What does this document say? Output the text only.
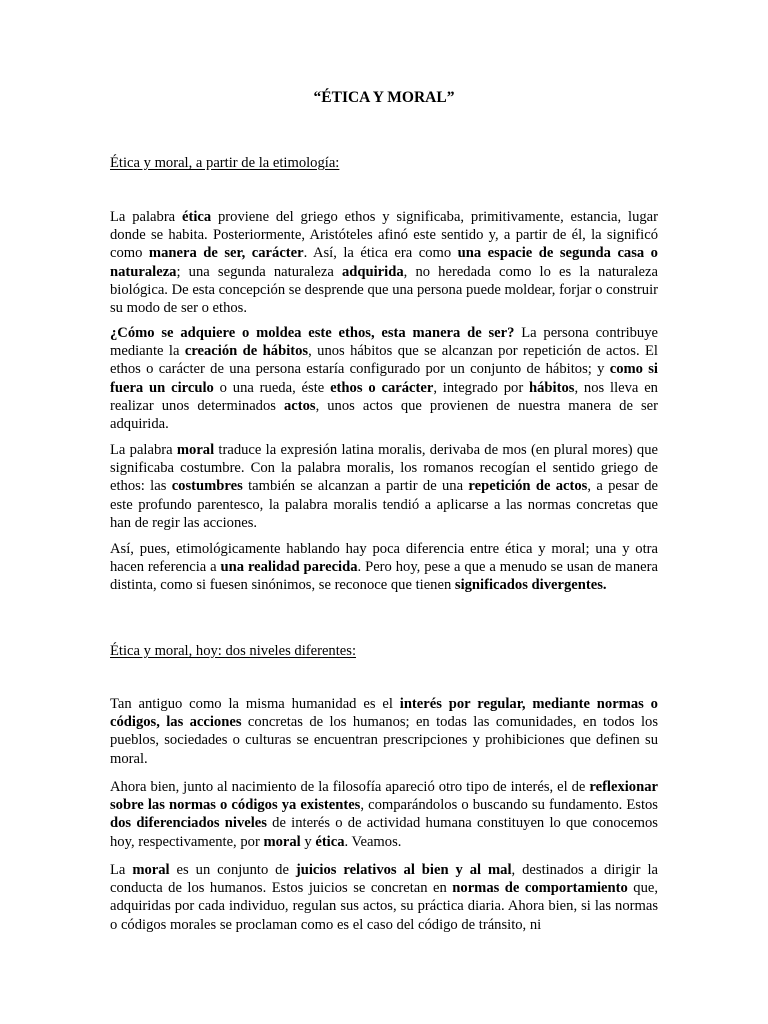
“ÉTICA Y MORAL”
Ética y moral, a partir de la etimología:

La palabra ética proviene del griego ethos y significaba, primitivamente, estancia, lugar donde se habita. Posteriormente, Aristóteles afinó este sentido y, a partir de él, la significó como manera de ser, carácter. Así, la ética era como una espacie de segunda casa o naturaleza; una segunda naturaleza adquirida, no heredada como lo es la naturaleza biológica. De esta concepción se desprende que una persona puede moldear, forjar o construir su modo de ser o ethos.

¿Cómo se adquiere o moldea este ethos, esta manera de ser? La persona contribuye mediante la creación de hábitos, unos hábitos que se alcanzan por repetición de actos. El ethos o carácter de una persona estaría configurado por un conjunto de hábitos; y como si fuera un circulo o una rueda, éste ethos o carácter, integrado por hábitos, nos lleva en realizar unos determinados actos, unos actos que provienen de nuestra manera de ser adquirida.

La palabra moral traduce la expresión latina moralis, derivaba de mos (en plural mores) que significaba costumbre. Con la palabra moralis, los romanos recogían el sentido griego de ethos: las costumbres también se alcanzan a partir de una repetición de actos, a pesar de este profundo parentesco, la palabra moralis tendió a aplicarse a las normas concretas que han de regir las acciones.

Así, pues, etimológicamente hablando hay poca diferencia entre ética y moral; una y otra hacen referencia a una realidad parecida. Pero hoy, pese a que a menudo se usan de manera distinta, como si fuesen sinónimos, se reconoce que tienen significados divergentes.

Ética y moral, hoy: dos niveles diferentes:

Tan antiguo como la misma humanidad es el interés por regular, mediante normas o códigos, las acciones concretas de los humanos; en todas las comunidades, en todos los pueblos, sociedades o culturas se encuentran prescripciones y prohibiciones que definen su moral.

Ahora bien, junto al nacimiento de la filosofía apareció otro tipo de interés, el de reflexionar sobre las normas o códigos ya existentes, comparándolos o buscando su fundamento. Estos dos diferenciados niveles de interés o de actividad humana constituyen lo que conocemos hoy, respectivamente, por moral y ética. Veamos.

La moral es un conjunto de juicios relativos al bien y al mal, destinados a dirigir la conducta de los humanos. Estos juicios se concretan en normas de comportamiento que, adquiridas por cada individuo, regulan sus actos, su práctica diaria. Ahora bien, si las normas o códigos morales se proclaman como es el caso del código de tránsito, ni
